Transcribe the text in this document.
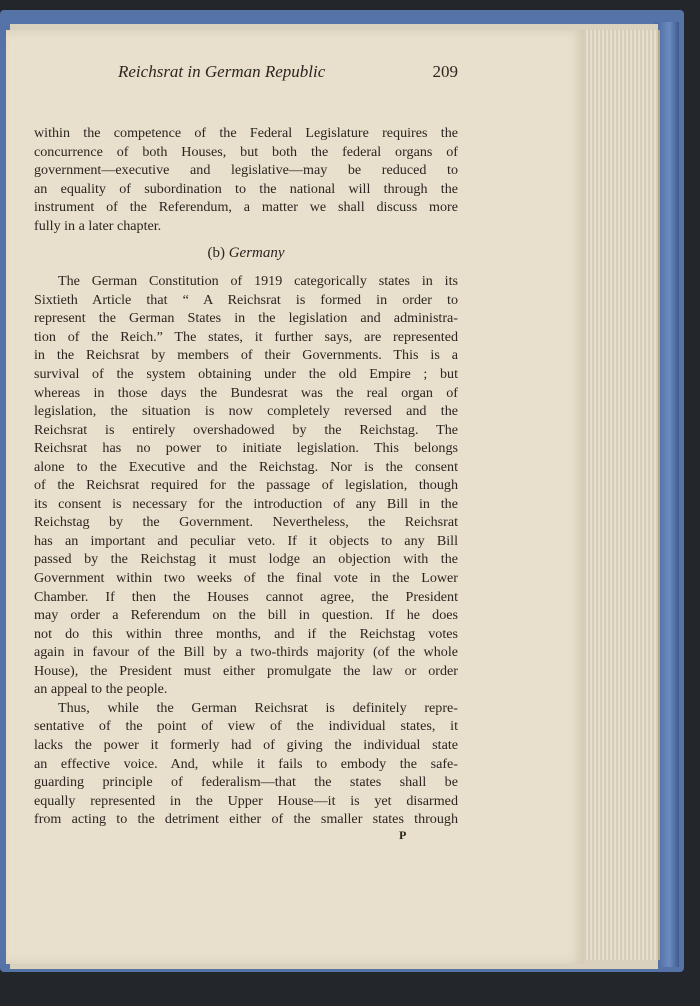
Reichsrat in German Republic	209
within the competence of the Federal Legislature requires the
concurrence of both Houses, but both the federal organs of
government—executive and legislative—may be reduced to
an equality of subordination to the national will through the
instrument of the Referendum, a matter we shall discuss more
fully in a later chapter.
(b) Germany
The German Constitution of 1919 categorically states in its
Sixtieth Article that “ A Reichsrat is formed in order to
represent the German States in the legislation and administra-
tion of the Reich.” The states, it further says, are represented
in the Reichsrat by members of their Governments. This is a
survival of the system obtaining under the old Empire ; but
whereas in those days the Bundesrat was the real organ of
legislation, the situation is now completely reversed and the
Reichsrat is entirely overshadowed by the Reichstag. The
Reichsrat has no power to initiate legislation. This belongs
alone to the Executive and the Reichstag. Nor is the consent
of the Reichsrat required for the passage of legislation, though
its consent is necessary for the introduction of any Bill in the
Reichstag by the Government. Nevertheless, the Reichsrat
has an important and peculiar veto. If it objects to any Bill
passed by the Reichstag it must lodge an objection with the
Government within two weeks of the final vote in the Lower
Chamber. If then the Houses cannot agree, the President
may order a Referendum on the bill in question. If he does
not do this within three months, and if the Reichstag votes
again in favour of the Bill by a two-thirds majority (of the whole
House), the President must either promulgate the law or order
an appeal to the people.
Thus, while the German Reichsrat is definitely repre-
sentative of the point of view of the individual states, it
lacks the power it formerly had of giving the individual state
an effective voice. And, while it fails to embody the safe-
guarding principle of federalism—that the states shall be
equally represented in the Upper House—it is yet disarmed
from acting to the detriment either of the smaller states through
P
